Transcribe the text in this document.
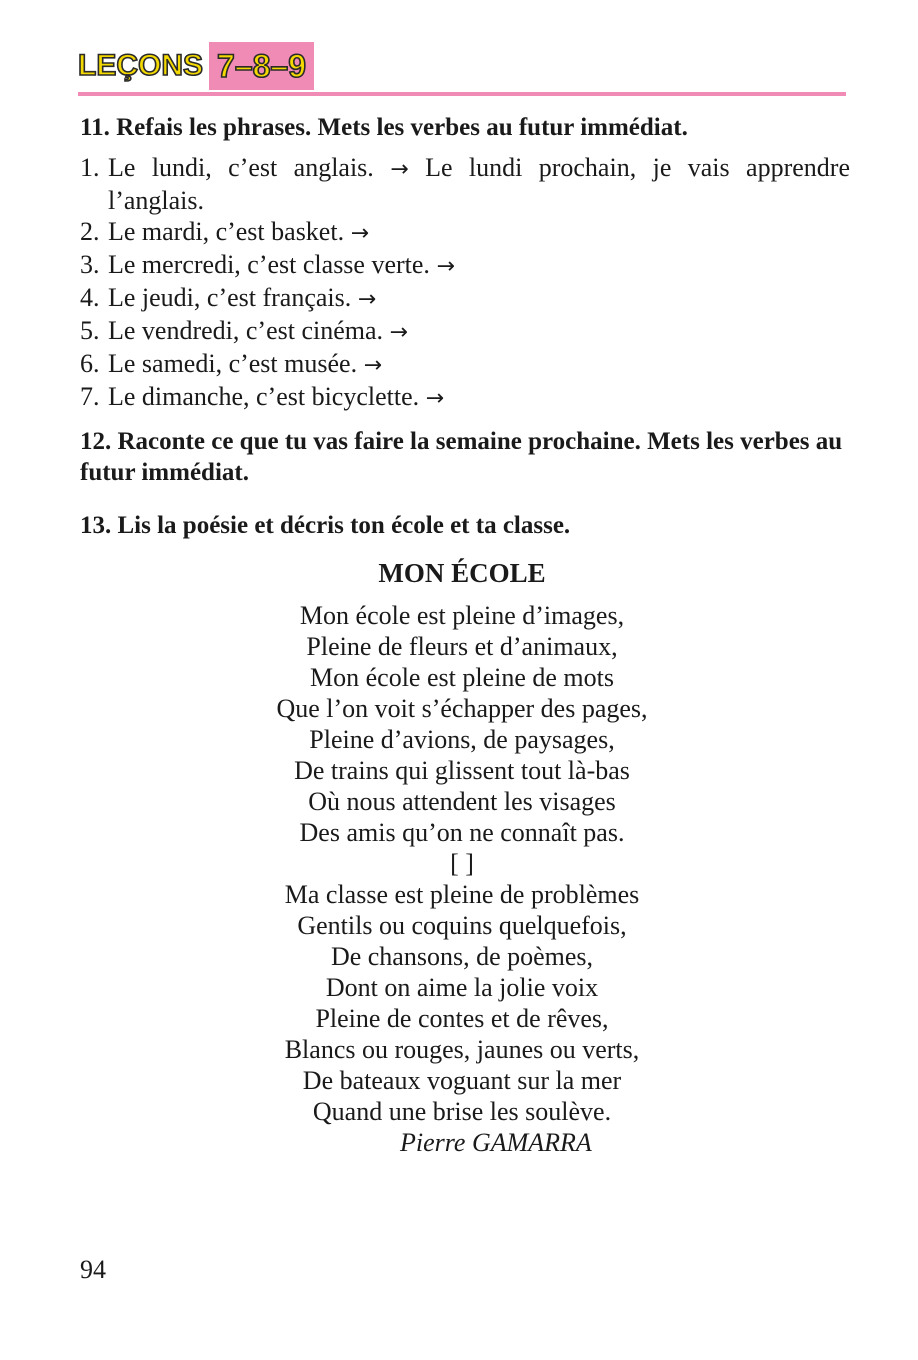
LEÇONS 7–8–9
11. Refais les phrases. Mets les verbes au futur immédiat.
1. Le lundi, c’est anglais. → Le lundi prochain, je vais apprendre l’anglais.
2. Le mardi, c’est basket. →
3. Le mercredi, c’est classe verte. →
4. Le jeudi, c’est français. →
5. Le vendredi, c’est cinéma. →
6. Le samedi, c’est musée. →
7. Le dimanche, c’est bicyclette. →
12. Raconte ce que tu vas faire la semaine prochaine. Mets les verbes au futur immédiat.
13. Lis la poésie et décris ton école et ta classe.
MON ÉCOLE
Mon école est pleine d’images,
Pleine de fleurs et d’animaux,
Mon école est pleine de mots
Que l’on voit s’échapper des pages,
Pleine d’avions, de paysages,
De trains qui glissent tout là-bas
Où nous attendent les visages
Des amis qu’on ne connaît pas.
[ ]
Ma classe est pleine de problèmes
Gentils ou coquins quelquefois,
De chansons, de poèmes,
Dont on aime la jolie voix
Pleine de contes et de rêves,
Blancs ou rouges, jaunes ou verts,
De bateaux voguant sur la mer
Quand une brise les soulève.
Pierre GAMARRA
94
